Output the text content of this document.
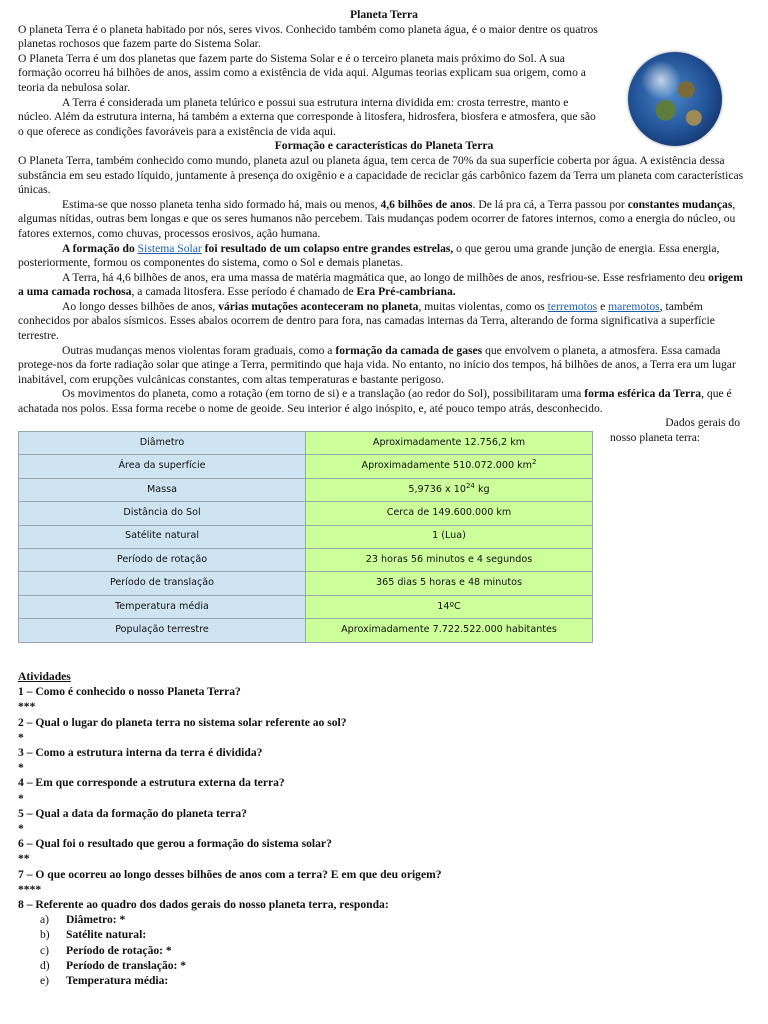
Planeta Terra

O planeta Terra é o planeta habitado por nós, seres vivos. Conhecido também como planeta água, é o maior dentre os quatros planetas rochosos que fazem parte do Sistema Solar.

O Planeta Terra é um dos planetas que fazem parte do Sistema Solar e é o terceiro planeta mais próximo do Sol. A sua formação ocorreu há bilhões de anos, assim como a existência de vida aqui. Algumas teorias explicam sua origem, como a teoria da nebulosa solar.

A Terra é considerada um planeta telúrico e possui sua estrutura interna dividida em: crosta terrestre, manto e núcleo. Além da estrutura interna, há também a externa que corresponde à litosfera, hidrosfera, biosfera e atmosfera, que são o que oferece as condições favoráveis para a existência de vida aqui.

Formação e características do Planeta Terra

O Planeta Terra, também conhecido como mundo, planeta azul ou planeta água, tem cerca de 70% da sua superfície coberta por água. A existência dessa substância em seu estado líquido, juntamente à presença do oxigênio e a capacidade de reciclar gás carbônico fazem da Terra um planeta com características únicas.

Estima-se que nosso planeta tenha sido formado há, mais ou menos, 4,6 bilhões de anos. De lá pra cá, a Terra passou por constantes mudanças, algumas nítidas, outras bem longas e que os seres humanos não percebem. Tais mudanças podem ocorrer de fatores internos, como a energia do núcleo, ou fatores externos, como chuvas, processos erosivos, ação humana.

A formação do Sistema Solar foi resultado de um colapso entre grandes estrelas, o que gerou uma grande junção de energia. Essa energia, posteriormente, formou os componentes do sistema, como o Sol e demais planetas.

A Terra, há 4,6 bilhões de anos, era uma massa de matéria magmática que, ao longo de milhões de anos, resfriou-se. Esse resfriamento deu origem a uma camada rochosa, a camada litosfera. Esse período é chamado de Era Pré-cambriana.

Ao longo desses bilhões de anos, várias mutações aconteceram no planeta, muitas violentas, como os terremotos e maremotos, também conhecidos por abalos sísmicos. Esses abalos ocorrem de dentro para fora, nas camadas internas da Terra, alterando de forma significativa a superfície terrestre.

Outras mudanças menos violentas foram graduais, como a formação da camada de gases que envolvem o planeta, a atmosfera. Essa camada protege-nos da forte radiação solar que atinge a Terra, permitindo que haja vida. No entanto, no início dos tempos, há bilhões de anos, a Terra era um lugar inabitável, com erupções vulcânicas constantes, com altas temperaturas e bastante perigoso.

Os movimentos do planeta, como a rotação (em torno de si) e a translação (ao redor do Sol), possibilitaram uma forma esférica da Terra, que é achatada nos polos. Essa forma recebe o nome de geoide. Seu interior é algo inóspito, e, até pouco tempo atrás, desconhecido.

Dados gerais do
nosso planeta terra:
Diâmetro	Aproximadamente 12.756,2 km
Área da superfície	Aproximadamente 510.072.000 $km^2$
Massa	5,9736 x $10^{24}$ kg
Distância do Sol	Cerca de 149.600.000 km
Satélite natural	1 (Lua)
Período de rotação	23 horas 56 minutos e 4 segundos
Período de translação	365 dias 5 horas e 48 minutos
Temperatura média	14ºC
População terrestre	Aproximadamente 7.722.522.000 habitantes
Atividades
1 – Como é conhecido o nosso Planeta Terra?
***
2 – Qual o lugar do planeta terra no sistema solar referente ao sol?
*
3 – Como a estrutura interna da terra é dividida?
*
4 – Em que corresponde a estrutura externa da terra?
*
5 – Qual a data da formação do planeta terra?
*
6 – Qual foi o resultado que gerou a formação do sistema solar?
**
7 – O que ocorreu ao longo desses bilhões de anos com a terra? E em que deu origem?
****
8 – Referente ao quadro dos dados gerais do nosso planeta terra, responda:
a) Diâmetro: *
b) Satélite natural:
c) Período de rotação: *
d) Período de translação: *
e) Temperatura média:
